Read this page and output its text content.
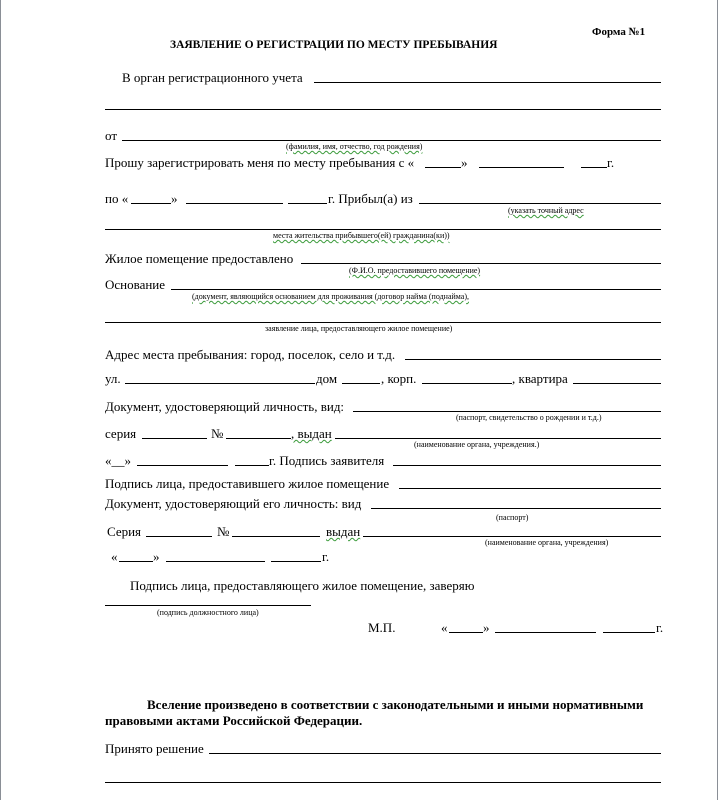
Форма №1
ЗАЯВЛЕНИЕ О РЕГИСТРАЦИИ ПО МЕСТУ ПРЕБЫВАНИЯ
В орган регистрационного учета
от
(фамилия, имя, отчество, год рождения)
Прошу зарегистрировать меня по месту пребывания с «	»	г.
по «	»	г. Прибыл(а) из
(указать точный адрес
места жительства прибывшего(ей) гражданина(ки))
Жилое помещение предоставлено
(Ф.И.О. предоставившего помещение)
Основание
(документ, являющийся основанием для проживания (договор найма (поднайма),
заявление лица, предоставляющего жилое помещение)
Адрес места пребывания: город, поселок, село и т.д.
ул.	дом	, корп.	, квартира
Документ, удостоверяющий личность, вид:
(паспорт, свидетельство о рождении и т.д.)
серия	№	, выдан
(наименование органа, учреждения.)
«__»	г. Подпись заявителя
Подпись лица, предоставившего жилое помещение
Документ, удостоверяющий его личность: вид
(паспорт)
Серия	№	выдан
(наименование органа, учреждения)
«	»	г.
Подпись лица, предоставляющего жилое помещение, заверяю
(подпись должностного лица)
М.П.	«	»	г.
Вселение произведено в соответствии с законодательными и иными нормативными
правовыми актами Российской Федерации.
Принято решение
